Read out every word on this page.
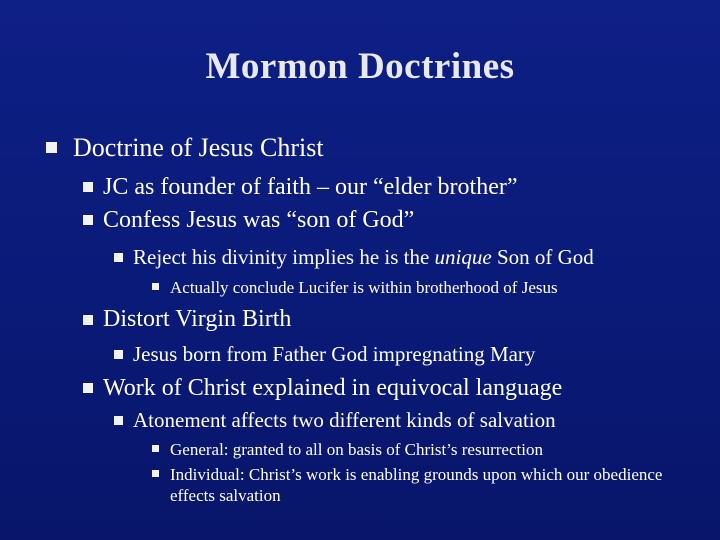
Mormon Doctrines
Doctrine of Jesus Christ
JC as founder of faith – our “elder brother”
Confess Jesus was “son of God”
Reject his divinity implies he is the unique Son of God
Actually conclude Lucifer is within brotherhood of Jesus
Distort Virgin Birth
Jesus born from Father God impregnating Mary
Work of Christ explained in equivocal language
Atonement affects two different kinds of salvation
General: granted to all on basis of Christ’s resurrection
Individual: Christ’s work is enabling grounds upon which our obedience effects salvation
